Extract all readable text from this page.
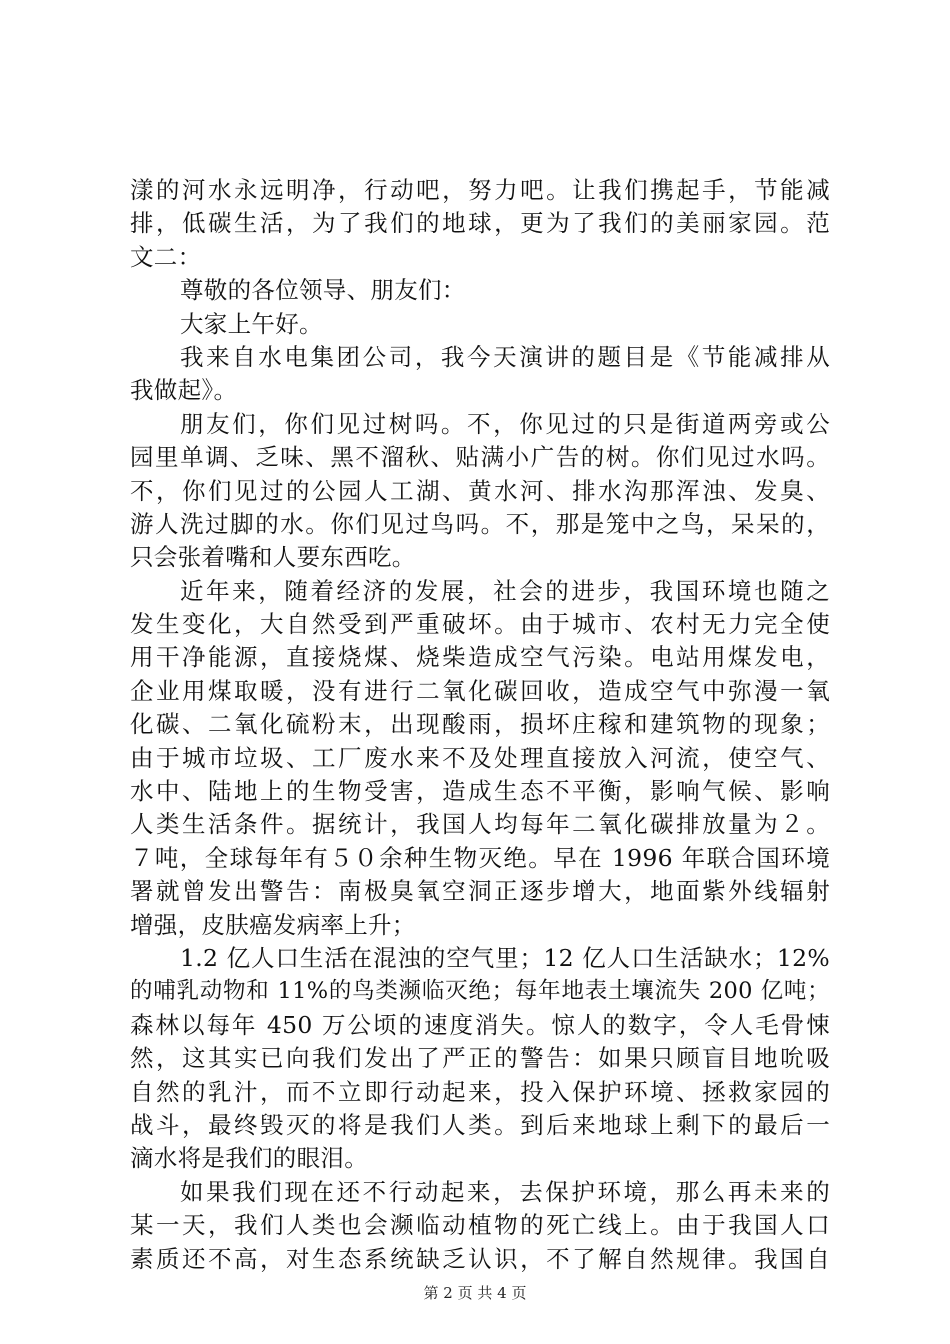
漾的河水永远明净，行动吧，努力吧。让我们携起手，节能减
排，低碳生活，为了我们的地球，更为了我们的美丽家园。范
文二：
尊敬的各位领导、朋友们：
大家上午好。
我来自水电集团公司，我今天演讲的题目是《节能减排从
我做起》。
朋友们，你们见过树吗。不，你见过的只是街道两旁或公
园里单调、乏味、黑不溜秋、贴满小广告的树。你们见过水吗。
不，你们见过的公园人工湖、黄水河、排水沟那浑浊、发臭、
游人洗过脚的水。你们见过鸟吗。不，那是笼中之鸟，呆呆的，
只会张着嘴和人要东西吃。
近年来，随着经济的发展，社会的进步，我国环境也随之
发生变化，大自然受到严重破坏。由于城市、农村无力完全使
用干净能源，直接烧煤、烧柴造成空气污染。电站用煤发电，
企业用煤取暖，没有进行二氧化碳回收，造成空气中弥漫一氧
化碳、二氧化硫粉末，出现酸雨，损坏庄稼和建筑物的现象；
由于城市垃圾、工厂废水来不及处理直接放入河流，使空气、
水中、陆地上的生物受害，造成生态不平衡，影响气候、影响
人类生活条件。据统计，我国人均每年二氧化碳排放量为２。
７吨，全球每年有５０余种生物灭绝。早在 1996 年联合国环境
署就曾发出警告：南极臭氧空洞正逐步增大，地面紫外线辐射
增强，皮肤癌发病率上升；
1.2 亿人口生活在混浊的空气里；12 亿人口生活缺水；12%
的哺乳动物和 11%的鸟类濒临灭绝；每年地表土壤流失 200 亿吨；
森林以每年 450 万公顷的速度消失。惊人的数字，令人毛骨悚
然，这其实已向我们发出了严正的警告：如果只顾盲目地吮吸
自然的乳汁，而不立即行动起来，投入保护环境、拯救家园的
战斗，最终毁灭的将是我们人类。到后来地球上剩下的最后一
滴水将是我们的眼泪。
如果我们现在还不行动起来，去保护环境，那么再未来的
某一天，我们人类也会濒临动植物的死亡线上。由于我国人口
素质还不高，对生态系统缺乏认识，不了解自然规律。我国自
第 2 页 共 4 页
